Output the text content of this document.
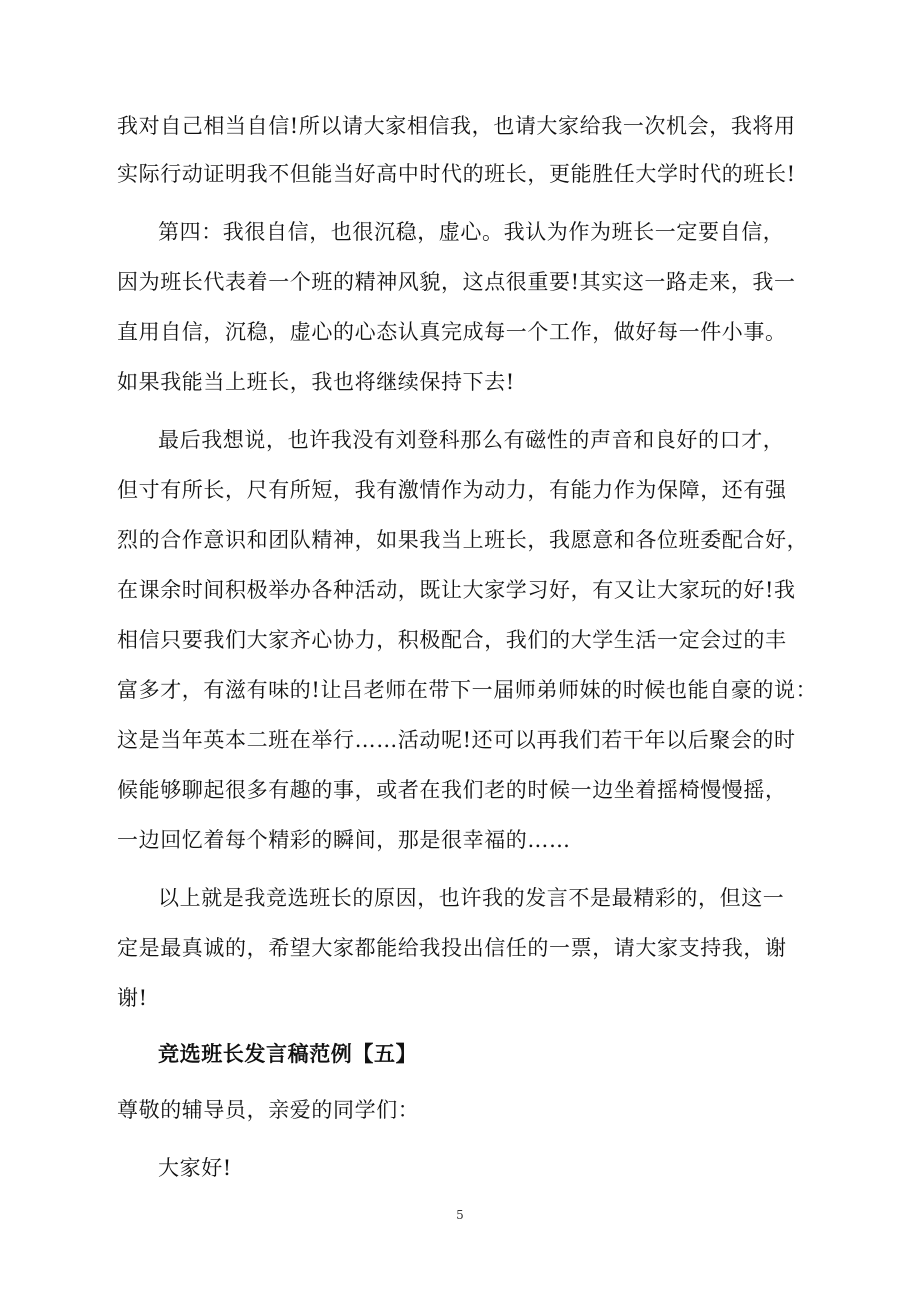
我对自己相当自信!所以请大家相信我，也请大家给我一次机会，我将用
实际行动证明我不但能当好高中时代的班长，更能胜任大学时代的班长!
第四：我很自信，也很沉稳，虚心。我认为作为班长一定要自信，
因为班长代表着一个班的精神风貌，这点很重要!其实这一路走来，我一
直用自信，沉稳，虚心的心态认真完成每一个工作，做好每一件小事。
如果我能当上班长，我也将继续保持下去!
最后我想说，也许我没有刘登科那么有磁性的声音和良好的口才，
但寸有所长，尺有所短，我有激情作为动力，有能力作为保障，还有强
烈的合作意识和团队精神，如果我当上班长，我愿意和各位班委配合好，
在课余时间积极举办各种活动，既让大家学习好，有又让大家玩的好!我
相信只要我们大家齐心协力，积极配合，我们的大学生活一定会过的丰
富多才，有滋有味的!让吕老师在带下一届师弟师妹的时候也能自豪的说：
这是当年英本二班在举行……活动呢!还可以再我们若干年以后聚会的时
候能够聊起很多有趣的事，或者在我们老的时候一边坐着摇椅慢慢摇，
一边回忆着每个精彩的瞬间，那是很幸福的……
以上就是我竞选班长的原因，也许我的发言不是最精彩的，但这一
定是最真诚的，希望大家都能给我投出信任的一票，请大家支持我，谢
谢!
竞选班长发言稿范例【五】
尊敬的辅导员，亲爱的同学们：
大家好!
5
